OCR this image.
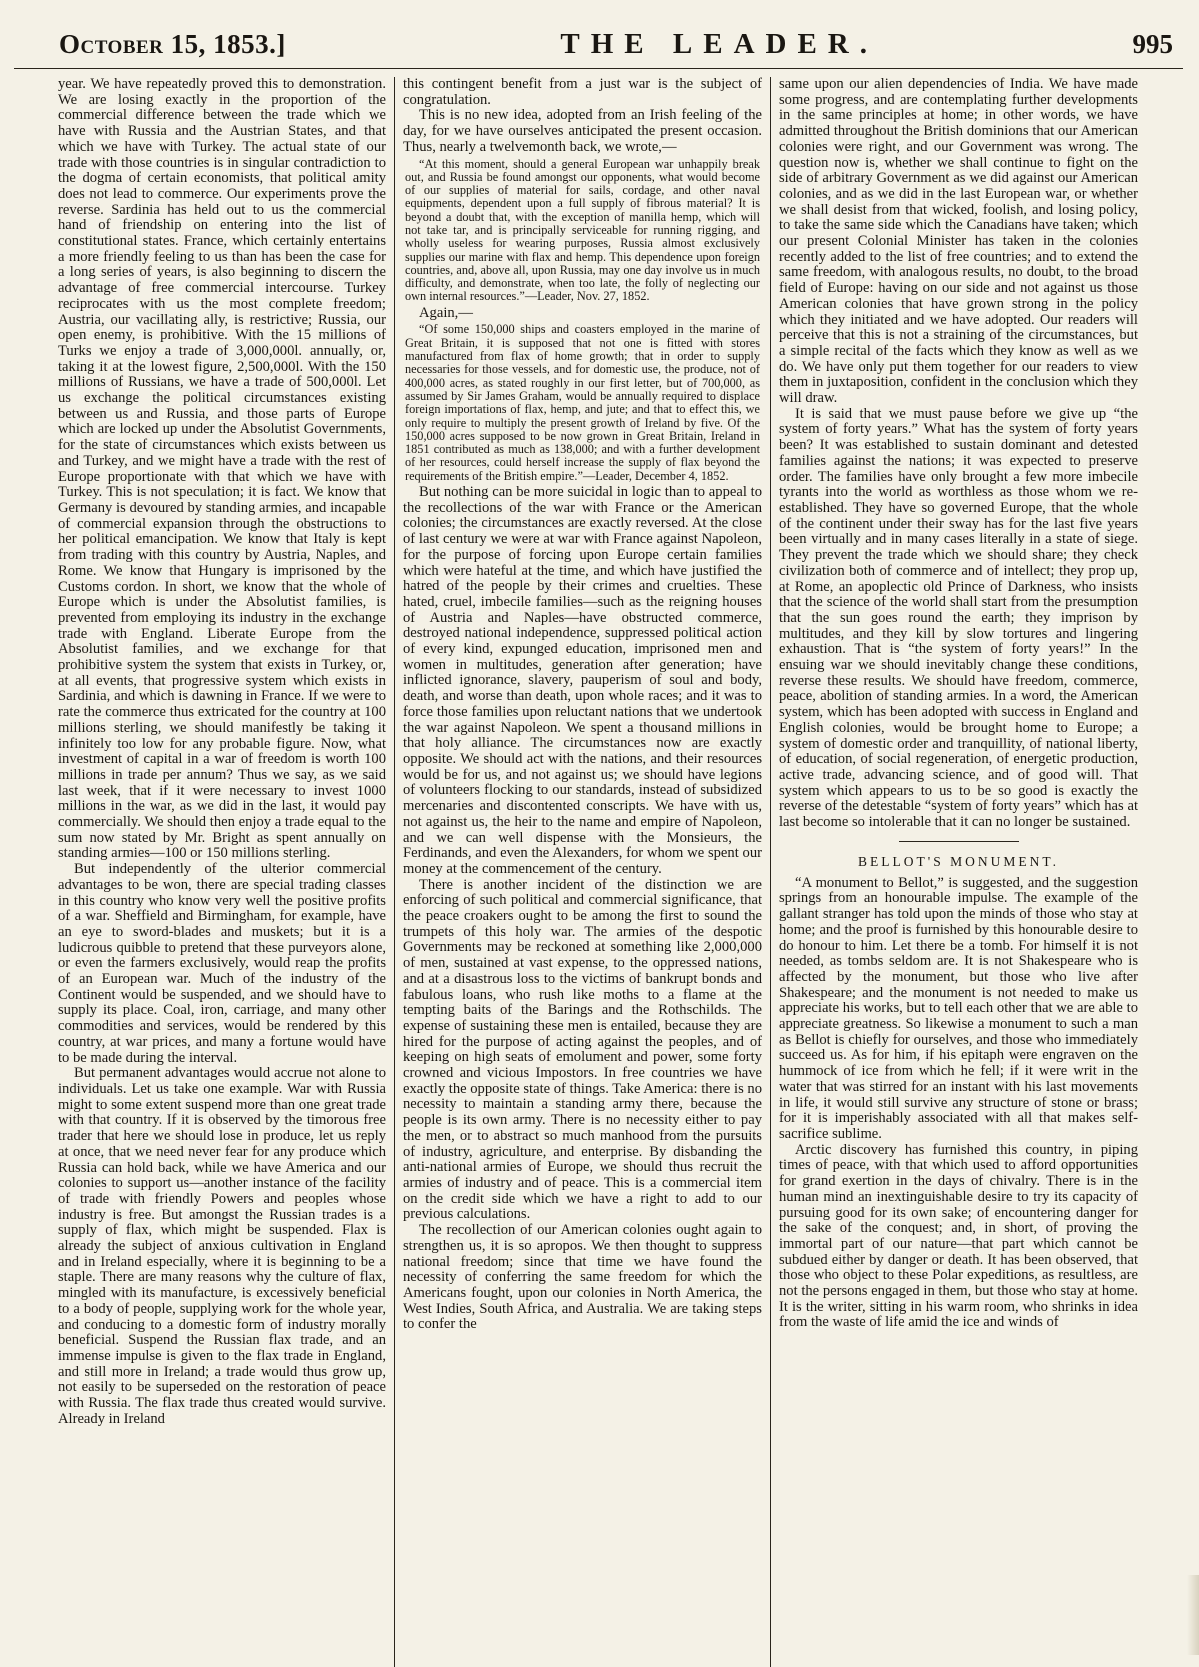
October 15, 1853.]	THE LEADER.	995

year. We have repeatedly proved this to demonstration. We are losing exactly in the proportion of the commercial difference between the trade which we have with Russia and the Austrian States, and that which we have with Turkey. The actual state of our trade with those countries is in singular contradiction to the dogma of certain economists, that political amity does not lead to commerce. Our experiments prove the reverse. Sardinia has held out to us the commercial hand of friendship on entering into the list of constitutional states. France, which certainly entertains a more friendly feeling to us than has been the case for a long series of years, is also beginning to discern the advantage of free commercial intercourse. Turkey reciprocates with us the most complete freedom; Austria, our vacillating ally, is restrictive; Russia, our open enemy, is prohibitive. With the 15 millions of Turks we enjoy a trade of 3,000,000l. annually, or, taking it at the lowest figure, 2,500,000l. With the 150 millions of Russians, we have a trade of 500,000l. Let us exchange the political circumstances existing between us and Russia, and those parts of Europe which are locked up under the Absolutist Governments, for the state of circumstances which exists between us and Turkey, and we might have a trade with the rest of Europe proportionate with that which we have with Turkey. This is not speculation; it is fact. We know that Germany is devoured by standing armies, and incapable of commercial expansion through the obstructions to her political emancipation. We know that Italy is kept from trading with this country by Austria, Naples, and Rome. We know that Hungary is imprisoned by the Customs cordon. In short, we know that the whole of Europe which is under the Absolutist families, is prevented from employing its industry in the exchange trade with England. Liberate Europe from the Absolutist families, and we exchange for that prohibitive system the system that exists in Turkey, or, at all events, that progressive system which exists in Sardinia, and which is dawning in France. If we were to rate the commerce thus extricated for the country at 100 millions sterling, we should manifestly be taking it infinitely too low for any probable figure. Now, what investment of capital in a war of freedom is worth 100 millions in trade per annum? Thus we say, as we said last week, that if it were necessary to invest 1000 millions in the war, as we did in the last, it would pay commercially. We should then enjoy a trade equal to the sum now stated by Mr. Bright as spent annually on standing armies—100 or 150 millions sterling.

But independently of the ulterior commercial advantages to be won, there are special trading classes in this country who know very well the positive profits of a war. Sheffield and Birmingham, for example, have an eye to sword-blades and muskets; but it is a ludicrous quibble to pretend that these purveyors alone, or even the farmers exclusively, would reap the profits of an European war. Much of the industry of the Continent would be suspended, and we should have to supply its place. Coal, iron, carriage, and many other commodities and services, would be rendered by this country, at war prices, and many a fortune would have to be made during the interval.

But permanent advantages would accrue not alone to individuals. Let us take one example. War with Russia might to some extent suspend more than one great trade with that country. If it is observed by the timorous free trader that here we should lose in produce, let us reply at once, that we need never fear for any produce which Russia can hold back, while we have America and our colonies to support us—another instance of the facility of trade with friendly Powers and peoples whose industry is free. But amongst the Russian trades is a supply of flax, which might be suspended. Flax is already the subject of anxious cultivation in England and in Ireland especially, where it is beginning to be a staple. There are many reasons why the culture of flax, mingled with its manufacture, is excessively beneficial to a body of people, supplying work for the whole year, and conducing to a domestic form of industry morally beneficial. Suspend the Russian flax trade, and an immense impulse is given to the flax trade in England, and still more in Ireland; a trade would thus grow up, not easily to be superseded on the restoration of peace with Russia. The flax trade thus created would survive. Already in Ireland

this contingent benefit from a just war is the subject of congratulation.

This is no new idea, adopted from an Irish feeling of the day, for we have ourselves anticipated the present occasion. Thus, nearly a twelvemonth back, we wrote,—

“At this moment, should a general European war unhappily break out, and Russia be found amongst our opponents, what would become of our supplies of material for sails, cordage, and other naval equipments, dependent upon a full supply of fibrous material? It is beyond a doubt that, with the exception of manilla hemp, which will not take tar, and is principally serviceable for running rigging, and wholly useless for wearing purposes, Russia almost exclusively supplies our marine with flax and hemp. This dependence upon foreign countries, and, above all, upon Russia, may one day involve us in much difficulty, and demonstrate, when too late, the folly of neglecting our own internal resources.”—Leader, Nov. 27, 1852.

Again,—

“Of some 150,000 ships and coasters employed in the marine of Great Britain, it is supposed that not one is fitted with stores manufactured from flax of home growth; that in order to supply necessaries for those vessels, and for domestic use, the produce, not of 400,000 acres, as stated roughly in our first letter, but of 700,000, as assumed by Sir James Graham, would be annually required to displace foreign importations of flax, hemp, and jute; and that to effect this, we only require to multiply the present growth of Ireland by five. Of the 150,000 acres supposed to be now grown in Great Britain, Ireland in 1851 contributed as much as 138,000; and with a further development of her resources, could herself increase the supply of flax beyond the requirements of the British empire.”—Leader, December 4, 1852.

But nothing can be more suicidal in logic than to appeal to the recollections of the war with France or the American colonies; the circumstances are exactly reversed. At the close of last century we were at war with France against Napoleon, for the purpose of forcing upon Europe certain families which were hateful at the time, and which have justified the hatred of the people by their crimes and cruelties. These hated, cruel, imbecile families—such as the reigning houses of Austria and Naples—have obstructed commerce, destroyed national independence, suppressed political action of every kind, expunged education, imprisoned men and women in multitudes, generation after generation; have inflicted ignorance, slavery, pauperism of soul and body, death, and worse than death, upon whole races; and it was to force those families upon reluctant nations that we undertook the war against Napoleon. We spent a thousand millions in that holy alliance. The circumstances now are exactly opposite. We should act with the nations, and their resources would be for us, and not against us; we should have legions of volunteers flocking to our standards, instead of subsidized mercenaries and discontented conscripts. We have with us, not against us, the heir to the name and empire of Napoleon, and we can well dispense with the Monsieurs, the Ferdinands, and even the Alexanders, for whom we spent our money at the commencement of the century.

There is another incident of the distinction we are enforcing of such political and commercial significance, that the peace croakers ought to be among the first to sound the trumpets of this holy war. The armies of the despotic Governments may be reckoned at something like 2,000,000 of men, sustained at vast expense, to the oppressed nations, and at a disastrous loss to the victims of bankrupt bonds and fabulous loans, who rush like moths to a flame at the tempting baits of the Barings and the Rothschilds. The expense of sustaining these men is entailed, because they are hired for the purpose of acting against the peoples, and of keeping on high seats of emolument and power, some forty crowned and vicious Impostors. In free countries we have exactly the opposite state of things. Take America: there is no necessity to maintain a standing army there, because the people is its own army. There is no necessity either to pay the men, or to abstract so much manhood from the pursuits of industry, agriculture, and enterprise. By disbanding the anti-national armies of Europe, we should thus recruit the armies of industry and of peace. This is a commercial item on the credit side which we have a right to add to our previous calculations.

The recollection of our American colonies ought again to strengthen us, it is so apropos. We then thought to suppress national freedom; since that time we have found the necessity of conferring the same freedom for which the Americans fought, upon our colonies in North America, the West Indies, South Africa, and Australia. We are taking steps to confer the

same upon our alien dependencies of India. We have made some progress, and are contemplating further developments in the same principles at home; in other words, we have admitted throughout the British dominions that our American colonies were right, and our Government was wrong. The question now is, whether we shall continue to fight on the side of arbitrary Government as we did against our American colonies, and as we did in the last European war, or whether we shall desist from that wicked, foolish, and losing policy, to take the same side which the Canadians have taken; which our present Colonial Minister has taken in the colonies recently added to the list of free countries; and to extend the same freedom, with analogous results, no doubt, to the broad field of Europe: having on our side and not against us those American colonies that have grown strong in the policy which they initiated and we have adopted. Our readers will perceive that this is not a straining of the circumstances, but a simple recital of the facts which they know as well as we do. We have only put them together for our readers to view them in juxtaposition, confident in the conclusion which they will draw.

It is said that we must pause before we give up “the system of forty years.” What has the system of forty years been? It was established to sustain dominant and detested families against the nations; it was expected to preserve order. The families have only brought a few more imbecile tyrants into the world as worthless as those whom we re-established. They have so governed Europe, that the whole of the continent under their sway has for the last five years been virtually and in many cases literally in a state of siege. They prevent the trade which we should share; they check civilization both of commerce and of intellect; they prop up, at Rome, an apoplectic old Prince of Darkness, who insists that the science of the world shall start from the presumption that the sun goes round the earth; they imprison by multitudes, and they kill by slow tortures and lingering exhaustion. That is “the system of forty years!” In the ensuing war we should inevitably change these conditions, reverse these results. We should have freedom, commerce, peace, abolition of standing armies. In a word, the American system, which has been adopted with success in England and English colonies, would be brought home to Europe; a system of domestic order and tranquillity, of national liberty, of education, of social regeneration, of energetic production, active trade, advancing science, and of good will. That system which appears to us to be so good is exactly the reverse of the detestable “system of forty years” which has at last become so intolerable that it can no longer be sustained.

BELLOT'S MONUMENT.

“A monument to Bellot,” is suggested, and the suggestion springs from an honourable impulse. The example of the gallant stranger has told upon the minds of those who stay at home; and the proof is furnished by this honourable desire to do honour to him. Let there be a tomb. For himself it is not needed, as tombs seldom are. It is not Shakespeare who is affected by the monument, but those who live after Shakespeare; and the monument is not needed to make us appreciate his works, but to tell each other that we are able to appreciate greatness. So likewise a monument to such a man as Bellot is chiefly for ourselves, and those who immediately succeed us. As for him, if his epitaph were engraven on the hummock of ice from which he fell; if it were writ in the water that was stirred for an instant with his last movements in life, it would still survive any structure of stone or brass; for it is imperishably associated with all that makes self-sacrifice sublime.

Arctic discovery has furnished this country, in piping times of peace, with that which used to afford opportunities for grand exertion in the days of chivalry. There is in the human mind an inextinguishable desire to try its capacity of pursuing good for its own sake; of encountering danger for the sake of the conquest; and, in short, of proving the immortal part of our nature—that part which cannot be subdued either by danger or death. It has been observed, that those who object to these Polar expeditions, as resultless, are not the persons engaged in them, but those who stay at home. It is the writer, sitting in his warm room, who shrinks in idea from the waste of life amid the ice and winds of
